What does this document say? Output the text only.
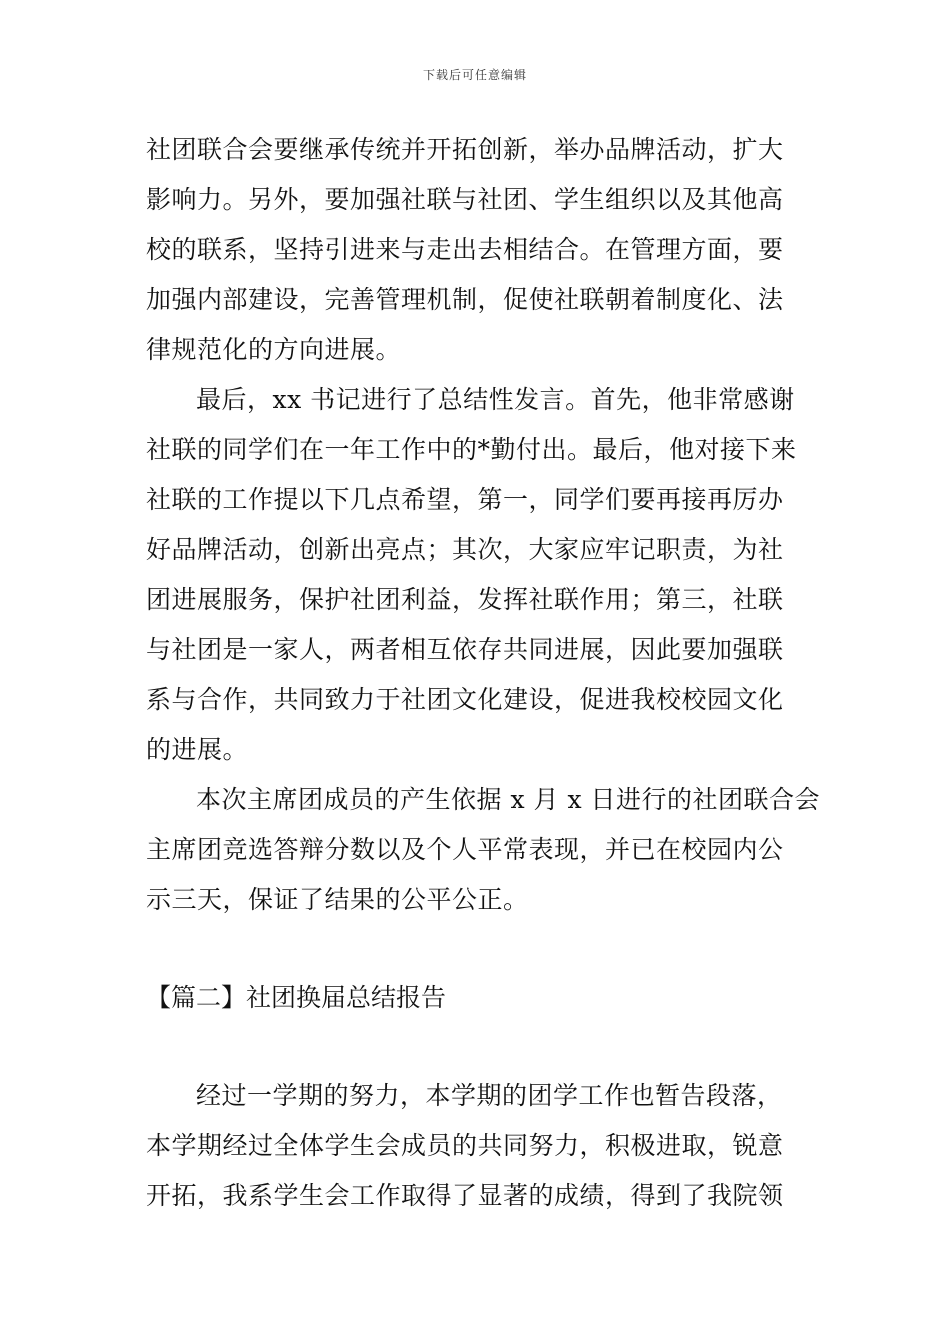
下载后可任意编辑
社团联合会要继承传统并开拓创新，举办品牌活动，扩大
影响力。另外，要加强社联与社团、学生组织以及其他高
校的联系，坚持引进来与走出去相结合。在管理方面，要
加强内部建设，完善管理机制，促使社联朝着制度化、法
律规范化的方向进展。
最后，xx 书记进行了总结性发言。首先，他非常感谢
社联的同学们在一年工作中的*勤付出。最后，他对接下来
社联的工作提以下几点希望，第一，同学们要再接再厉办
好品牌活动，创新出亮点；其次，大家应牢记职责，为社
团进展服务，保护社团利益，发挥社联作用；第三，社联
与社团是一家人，两者相互依存共同进展，因此要加强联
系与合作，共同致力于社团文化建设，促进我校校园文化
的进展。
本次主席团成员的产生依据 x 月 x 日进行的社团联合会
主席团竞选答辩分数以及个人平常表现，并已在校园内公
示三天，保证了结果的公平公正。
【篇二】社团换届总结报告
经过一学期的努力，本学期的团学工作也暂告段落，
本学期经过全体学生会成员的共同努力，积极进取，锐意
开拓，我系学生会工作取得了显著的成绩，得到了我院领
